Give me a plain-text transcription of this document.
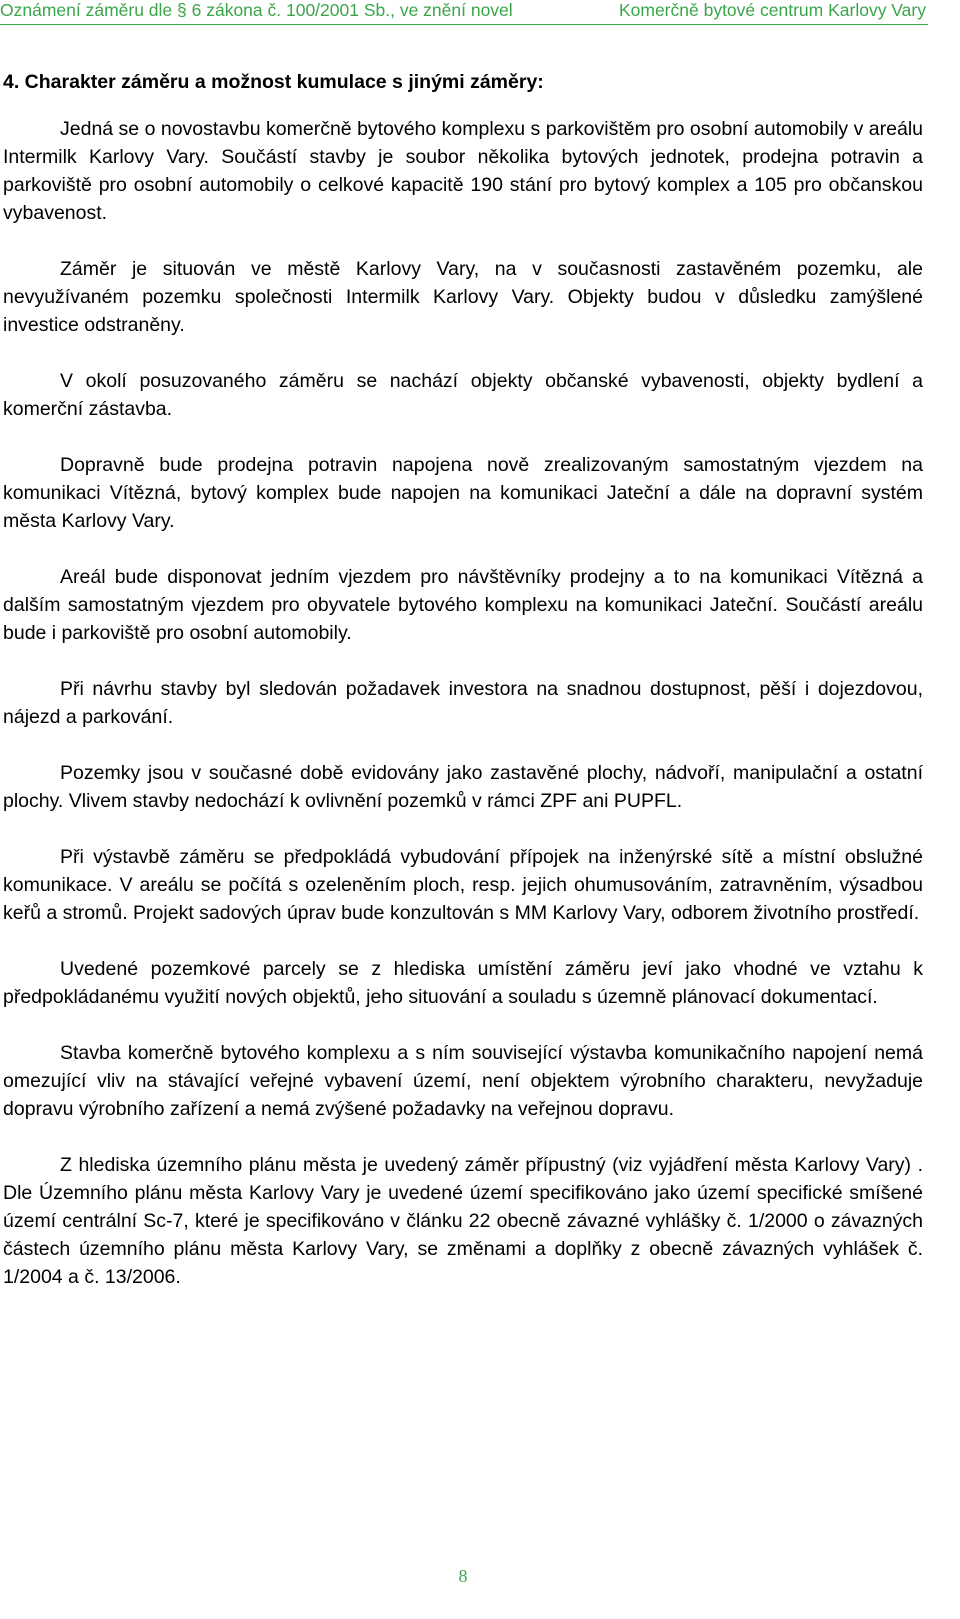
Oznámení záměru dle § 6 zákona č. 100/2001 Sb., ve znění novel	Komerčně bytové centrum Karlovy Vary
4. Charakter záměru a možnost kumulace s jinými záměry:

Jedná se o novostavbu komerčně bytového komplexu s parkovištěm pro osobní automobily v areálu Intermilk Karlovy Vary. Součástí stavby je soubor několika bytových jednotek, prodejna potravin a parkoviště pro osobní automobily o celkové kapacitě 190 stání pro bytový komplex a 105 pro občanskou vybavenost.

Záměr je situován ve městě Karlovy Vary, na v současnosti zastavěném pozemku, ale nevyužívaném pozemku společnosti Intermilk Karlovy Vary. Objekty budou v důsledku zamýšlené investice odstraněny.

V okolí posuzovaného záměru se nachází objekty občanské vybavenosti, objekty bydlení a komerční zástavba.

Dopravně bude prodejna potravin napojena nově zrealizovaným samostatným vjezdem na komunikaci Vítězná, bytový komplex bude napojen na komunikaci Jateční a dále na dopravní systém města Karlovy Vary.

Areál bude disponovat jedním vjezdem pro návštěvníky prodejny a to na komunikaci Vítězná a dalším samostatným vjezdem pro obyvatele bytového komplexu na komunikaci Jateční. Součástí areálu bude i parkoviště pro osobní automobily.

Při návrhu stavby byl sledován požadavek investora na snadnou dostupnost, pěší i dojezdovou, nájezd a parkování.

Pozemky jsou v současné době evidovány jako zastavěné plochy, nádvoří, manipulační a ostatní plochy. Vlivem stavby nedochází k ovlivnění pozemků v rámci ZPF ani PUPFL.

Při výstavbě záměru se předpokládá vybudování přípojek na inženýrské sítě a místní obslužné komunikace. V areálu se počítá s ozeleněním ploch, resp. jejich ohumusováním, zatravněním, výsadbou keřů a stromů. Projekt sadových úprav bude konzultován s MM Karlovy Vary, odborem životního prostředí.

Uvedené pozemkové parcely se z hlediska umístění záměru jeví jako vhodné ve vztahu k předpokládanému využití nových objektů, jeho situování a souladu s územně plánovací dokumentací.

Stavba komerčně bytového komplexu a s ním související výstavba komunikačního napojení nemá omezující vliv na stávající veřejné vybavení území, není objektem výrobního charakteru, nevyžaduje dopravu výrobního zařízení a nemá zvýšené požadavky na veřejnou dopravu.

Z hlediska územního plánu města je uvedený záměr přípustný (viz vyjádření města Karlovy Vary) . Dle Územního plánu města Karlovy Vary je uvedené území specifikováno jako území specifické smíšené území centrální Sc-7, které je specifikováno v článku 22 obecně závazné vyhlášky č. 1/2000 o závazných částech územního plánu města Karlovy Vary, se změnami a doplňky z obecně závazných vyhlášek č. 1/2004 a č. 13/2006.

8
